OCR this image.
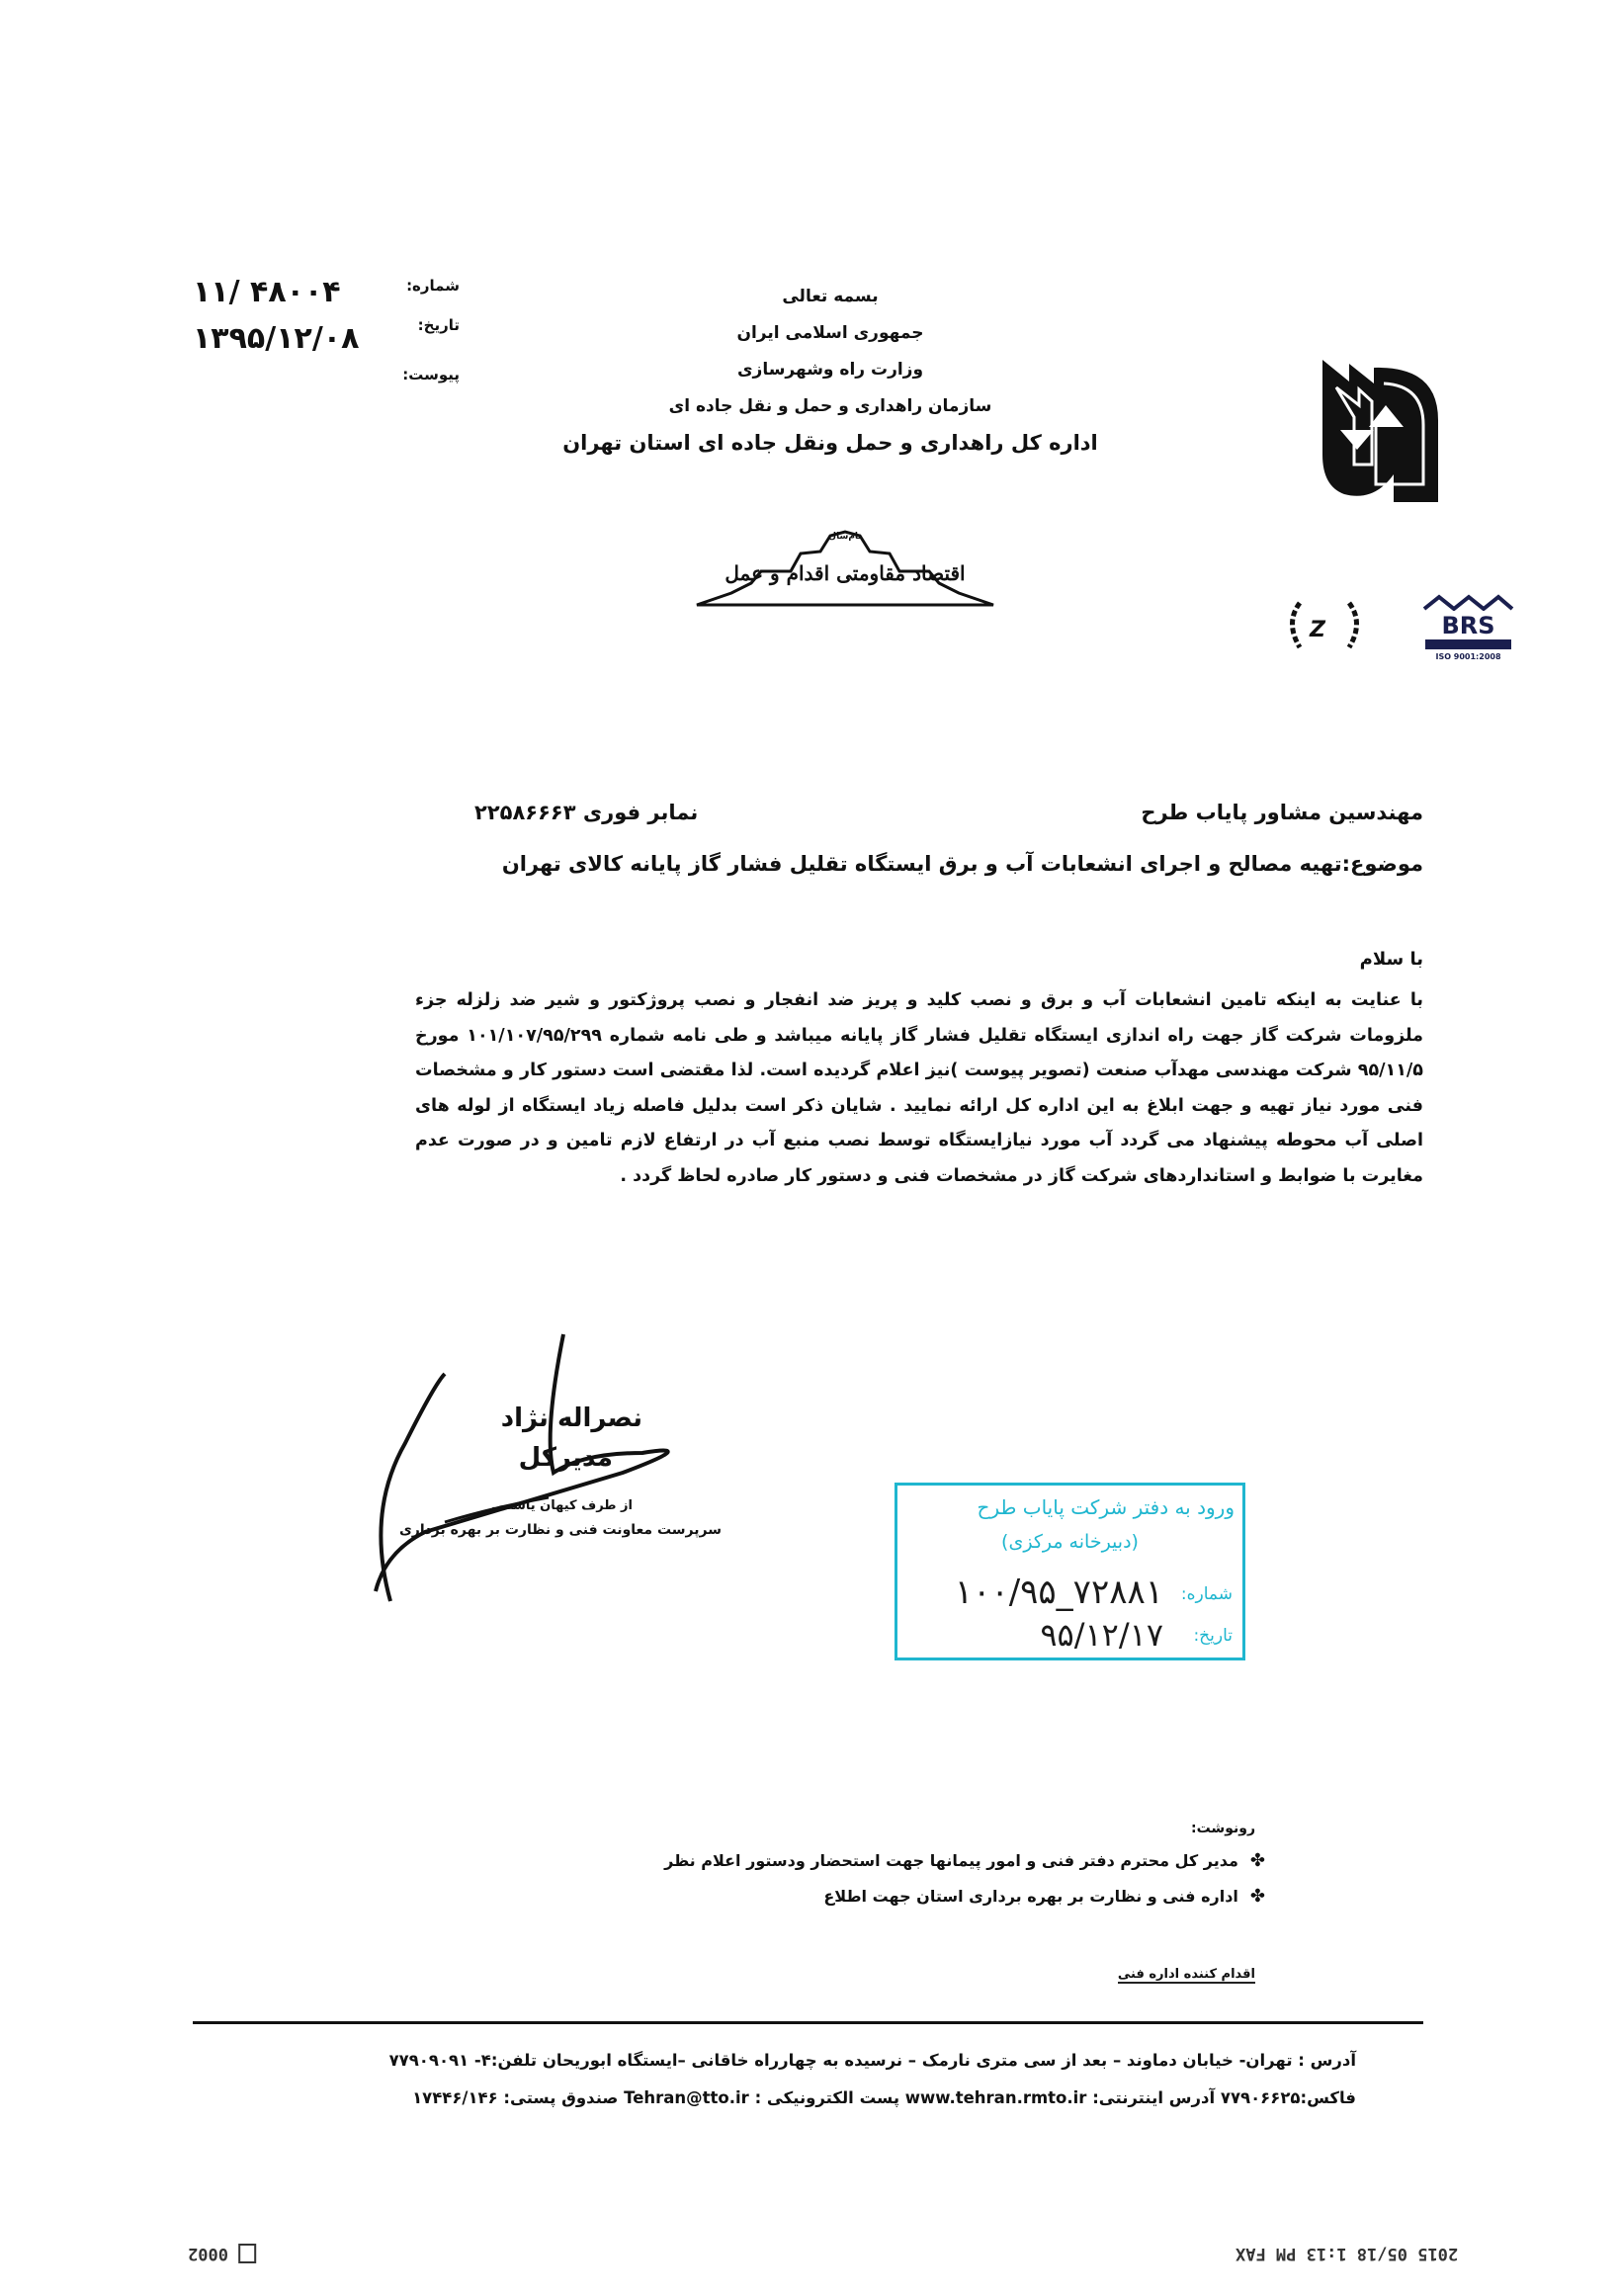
شماره:
۱۱/ ۴۸۰۰۴
تاریخ:
۱۳۹۵/۱۲/۰۸
پیوست:
بسمه تعالی
جمهوری اسلامی ایران
وزارت راه وشهرسازی
سازمان راهداری و حمل و نقل جاده ای
اداره کل راهداری و حمل ونقل جاده ای استان تهران
نام‌سال
اقتصاد مقاومتی اقدام و عمل
Z	BRS
ISO 9001:2008
مهندسین مشاور پایاب طرح
نمابر فوری ۲۲۵۸۶۶۶۳
موضوع:تهیه مصالح و اجرای انشعابات آب و برق ایستگاه تقلیل فشار گاز پایانه کالای تهران
با سلام
با عنایت به اینکه تامین انشعابات آب و برق و نصب کلید و پریز ضد انفجار و نصب پروژکتور و شیر ضد زلزله جزء ملزومات شرکت گاز جهت راه اندازی ایستگاه تقلیل فشار گاز پایانه میباشد و طی نامه شماره ۱۰۱/۱۰۷/۹۵/۲۹۹ مورخ ۹۵/۱۱/۵ شرکت مهندسی مهدآب صنعت (تصویر پیوست )نیز اعلام گردیده است. لذا مقتضی است دستور کار و مشخصات فنی مورد نیاز تهیه و جهت ابلاغ به این اداره کل ارائه نمایید . شایان ذکر است بدلیل فاصله زیاد ایستگاه از لوله های اصلی آب محوطه پیشنهاد می گردد آب مورد نیازایستگاه توسط نصب منبع آب در ارتفاع لازم تامین و در صورت عدم مغایرت با ضوابط و استانداردهای شرکت گاز در مشخصات فنی و دستور کار صادره لحاظ گردد .
نصراله نژاد
مدیرکل
از طرف کیهان یاسمی
سرپرست معاونت فنی و نظارت بر بهره برداری
ورود به دفتر شرکت پایاب طرح
(دبیرخانه مرکزی)
شماره:
۱۰۰/۹۵_۷۲۸۸۱
تاریخ:
۹۵/۱۲/۱۷
رونوشت:
✤
مدیر کل محترم دفتر فنی و امور پیمانها جهت استحضار ودستور اعلام نظر
✤
اداره فنی و نظارت بر بهره برداری استان جهت اطلاع
اقدام کننده اداره فنی
آدرس : تهران- خیابان دماوند – بعد از سی متری نارمک – نرسیده به چهارراه خاقانی –ایستگاه ابوریحان تلفن:۴- ۷۷۹۰۹۰۹۱
فاکس:۷۷۹۰۶۶۲۵ آدرس اینترنتی: www.tehran.rmto.ir پست الکترونیکی : Tehran@tto.ir صندوق پستی: ۱۷۴۴۶/۱۴۶
2015 05/18 1:13 PM FAX
0002
